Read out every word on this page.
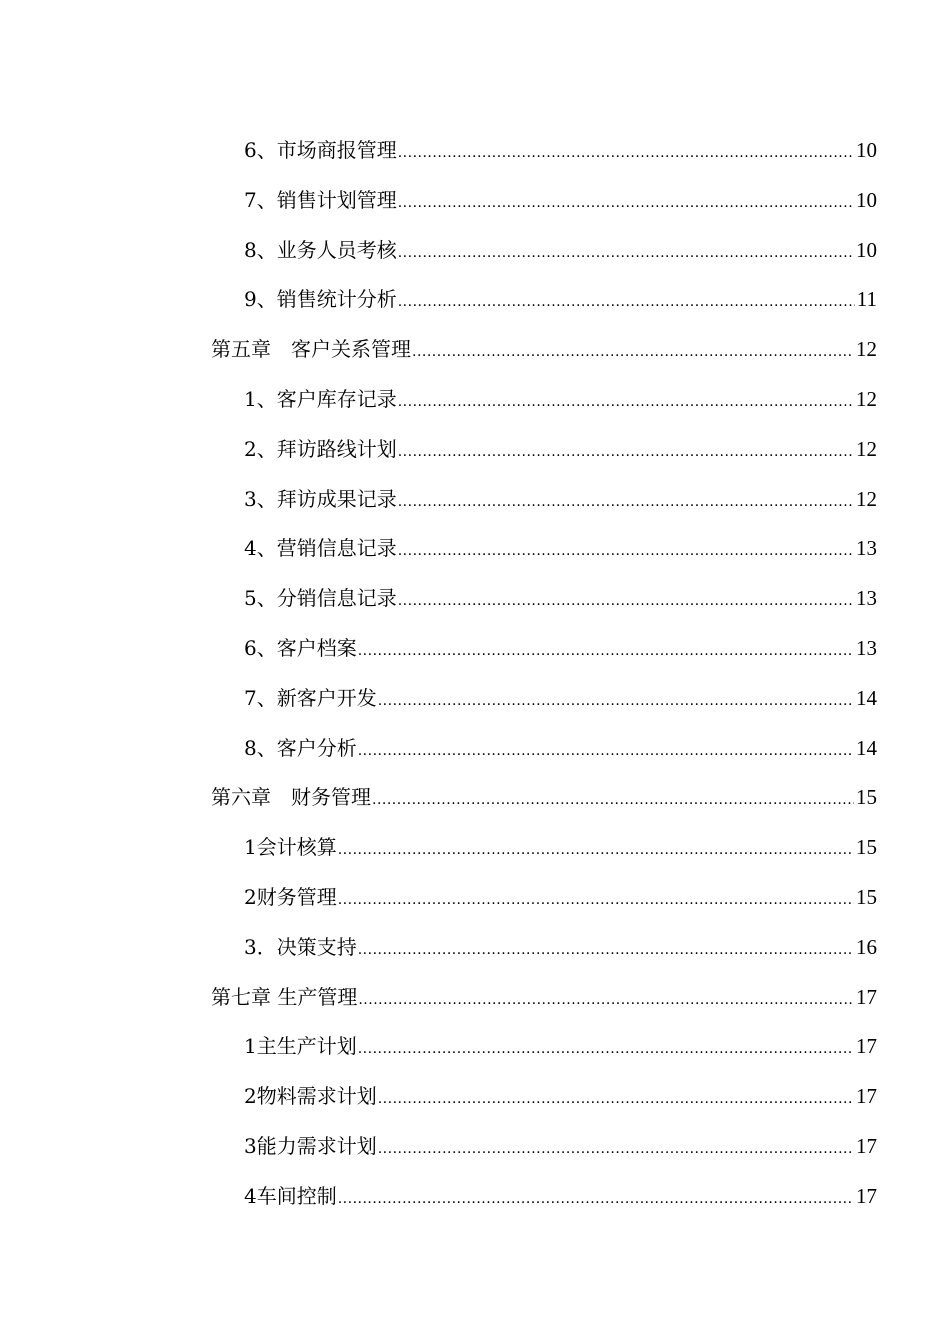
6、市场商报管理 .....	10
7、销售计划管理 .....	10
8、业务人员考核 .....	10
9、销售统计分析 .....	11
第五章　客户关系管理 .....	12
1、客户库存记录 .....	12
2、拜访路线计划 .....	12
3、拜访成果记录 .....	12
4、营销信息记录 .....	13
5、分销信息记录 .....	13
6、客户档案 .....	13
7、新客户开发 .....	14
8、客户分析 .....	14
第六章　财务管理 .....	15
1会计核算 .....	15
2财务管理 .....	15
3．决策支持 .....	16
第七章 生产管理 .....	17
1主生产计划 .....	17
2物料需求计划 .....	17
3能力需求计划 .....	17
4车间控制 .....	17
